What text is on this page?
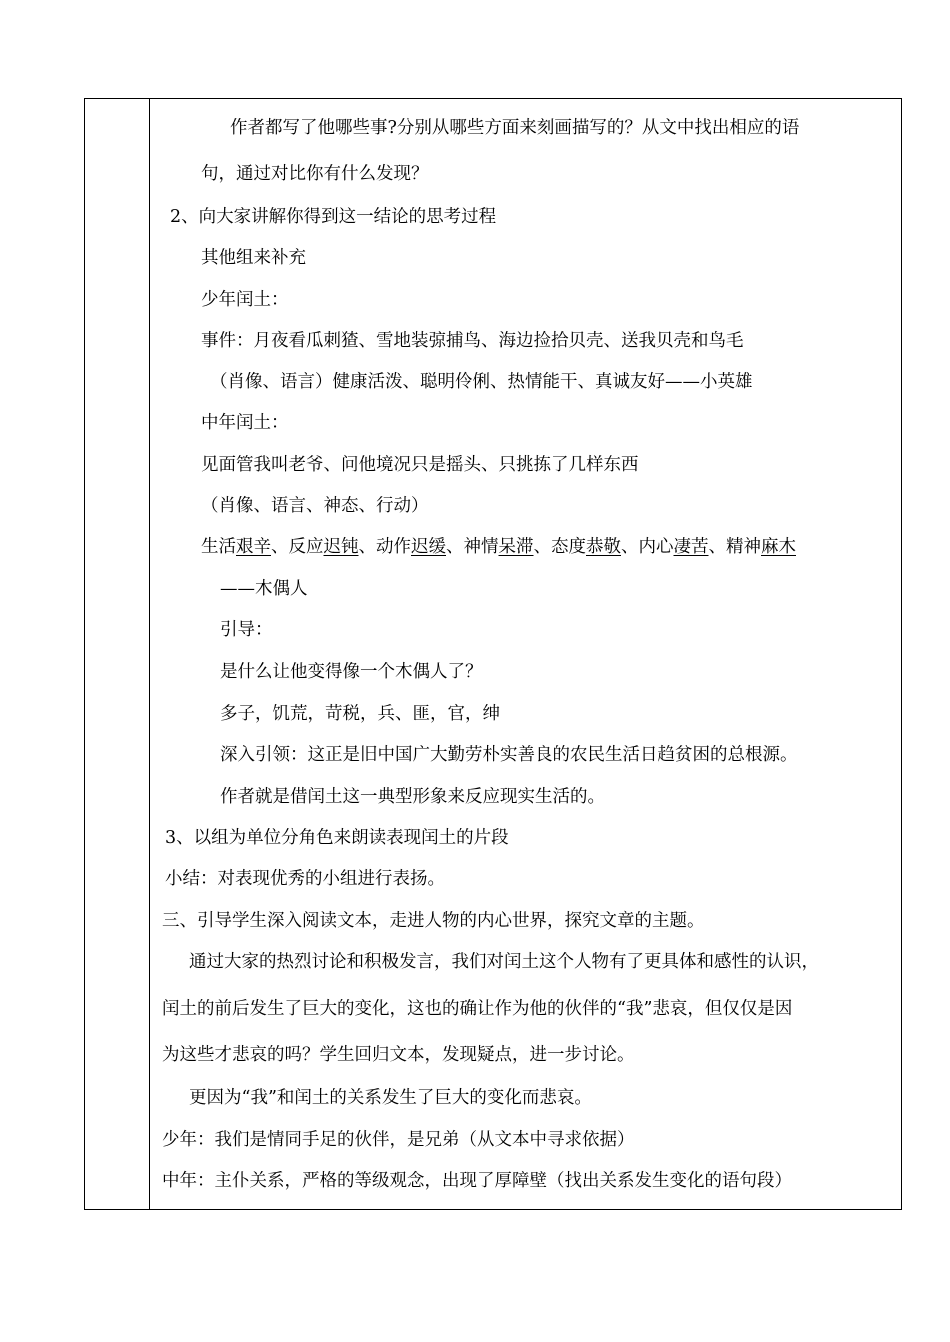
作者都写了他哪些事?分别从哪些方面来刻画描写的？从文中找出相应的语
句，通过对比你有什么发现？
2、向大家讲解你得到这一结论的思考过程
其他组来补充
少年闰土：
事件：月夜看瓜刺猹、雪地装弶捕鸟、海边捡拾贝壳、送我贝壳和鸟毛
（肖像、语言）健康活泼、聪明伶俐、热情能干、真诚友好——小英雄
中年闰土：
见面管我叫老爷、问他境况只是摇头、只挑拣了几样东西
（肖像、语言、神态、行动）
生活艰辛、反应迟钝、动作迟缓、神情呆滞、态度恭敬、内心凄苦、精神麻木
——木偶人
引导：
是什么让他变得像一个木偶人了？
多子，饥荒，苛税，兵、匪，官，绅
深入引领：这正是旧中国广大勤劳朴实善良的农民生活日趋贫困的总根源。
作者就是借闰土这一典型形象来反应现实生活的。
3、以组为单位分角色来朗读表现闰土的片段
小结：对表现优秀的小组进行表扬。
三、引导学生深入阅读文本，走进人物的内心世界，探究文章的主题。
通过大家的热烈讨论和积极发言，我们对闰土这个人物有了更具体和感性的认识，
闰土的前后发生了巨大的变化，这也的确让作为他的伙伴的“我”悲哀，但仅仅是因
为这些才悲哀的吗？学生回归文本，发现疑点，进一步讨论。
更因为“我”和闰土的关系发生了巨大的变化而悲哀。
少年：我们是情同手足的伙伴，是兄弟（从文本中寻求依据）
中年：主仆关系，严格的等级观念，出现了厚障壁（找出关系发生变化的语句段）
